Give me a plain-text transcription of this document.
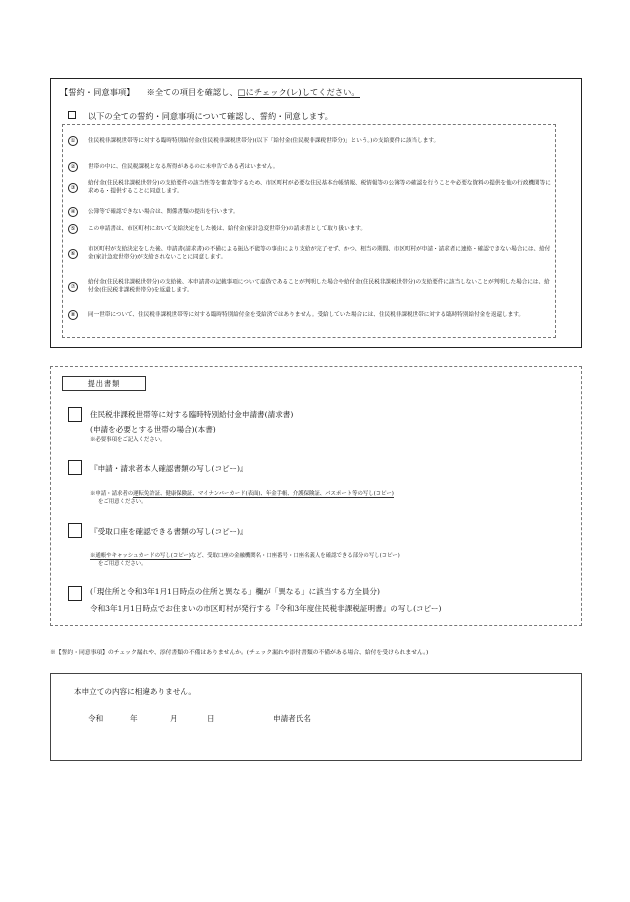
【誓約・同意事項】 ※全ての項目を確認し、□にチェック(レ)してください。
以下の全ての誓約・同意事項について確認し、誓約・同意します。
①	住民税非課税世帯等に対する臨時特別給付金(住民税非課税世帯分)(以下「給付金(住民税非課税世帯分)」という。)の支給要件に該当します。
②	世帯の中に、住民税課税となる所得があるのに未申告である者はいません。
③
給付金(住民税非課税世帯分)の支給要件の該当性等を審査等するため、市区町村が必要な住民基本台帳情報、税情報等の公簿等の確認を行うことや必要な資料の提供を他の行政機関等に求める・提供することに同意します。
④	公簿等で確認できない場合は、関係書類の提出を行います。
⑤	この申請書は、市区町村において支給決定をした後は、給付金(家計急変世帯分)の請求書として取り扱います。
⑥
市区町村が支給決定をした後、申請書(請求書)の不備による振込不能等の事由により支給が完了せず、かつ、相当の期間、市区町村が申請・請求者に連絡・確認できない場合には、給付金(家計急変世帯分)が支給されないことに同意します。
⑦
給付金(住民税非課税世帯分)の支給後、本申請書の記載事項について虚偽であることが判明した場合や給付金(住民税非課税世帯分)の支給要件に該当しないことが判明した場合には、給付金(住民税非課税世帯分)を返還します。
⑧	同一世帯について、住民税非課税世帯等に対する臨時特別給付金を受給済ではありません。受給していた場合には、住民税非課税世帯に対する臨時特別給付金を返還します。
提出書類
住民税非課税世帯等に対する臨時特別給付金申請書(請求書)
(申請を必要とする世帯の場合)(本書)
※必要事項をご記入ください。
『申請・請求者本人確認書類の写し(コピー)』
※申請・請求者の運転免許証、健康保険証、マイナンバーカード(表面)、年金手帳、介護保険証、パスポート等の写し(コピー)
をご用意ください。
『受取口座を確認できる書類の写し(コピー)』
※通帳やキャッシュカードの写し(コピー)など、受取口座の金融機関名・口座番号・口座名義人を確認できる部分の写し(コピー)
をご用意ください。
(「現住所と令和3年1月1日時点の住所と異なる」欄が「異なる」に該当する方全員分)
令和3年1月1日時点でお住まいの市区町村が発行する『令和3年度住民税非課税証明書』の写し(コピー)
※【誓約・同意事項】のチェック漏れや、添付書類の不備はありませんか。(チェック漏れや添付書類の不備がある場合、給付を受けられません。)
本申立ての内容に相違ありません。
令和	年	月	日	申請者氏名
